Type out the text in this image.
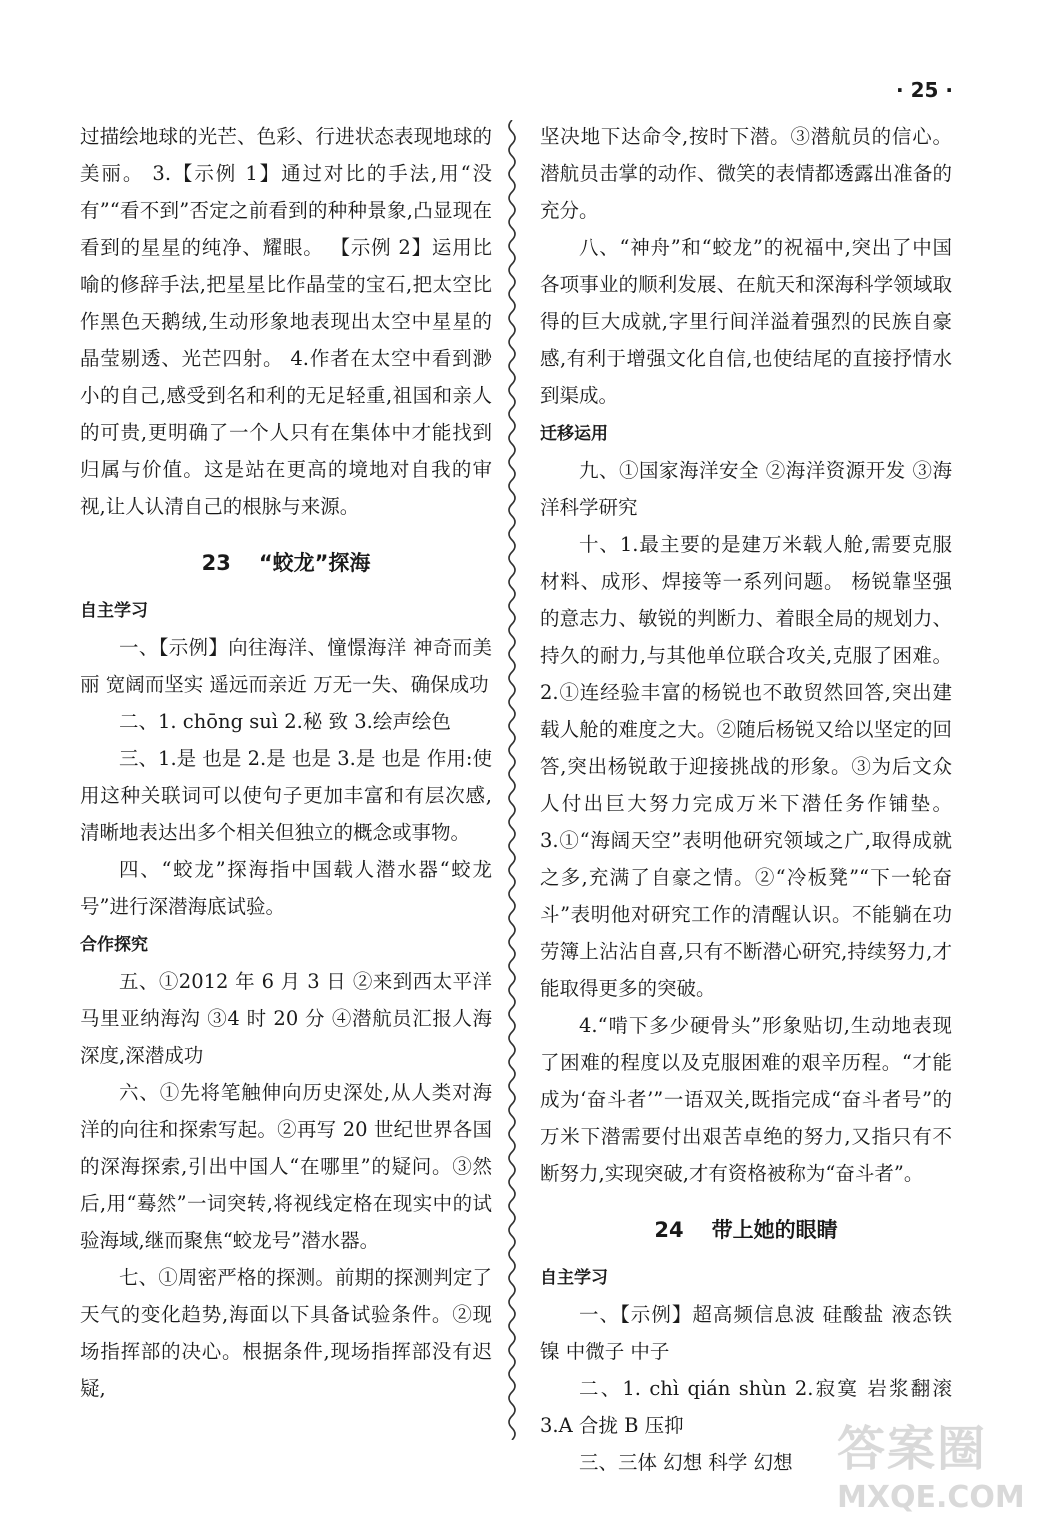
· 25 ·

过描绘地球的光芒、色彩、行进状态表现地球的美丽。 3.【示例 1】通过对比的手法,用“没有”“看不到”否定之前看到的种种景象,凸显现在看到的星星的纯净、耀眼。 【示例 2】运用比喻的修辞手法,把星星比作晶莹的宝石,把太空比作黑色天鹅绒,生动形象地表现出太空中星星的晶莹剔透、光芒四射。 4.作者在太空中看到渺小的自己,感受到名和利的无足轻重,祖国和亲人的可贵,更明确了一个人只有在集体中才能找到归属与价值。这是站在更高的境地对自我的审视,让人认清自己的根脉与来源。

23 “蛟龙”探海
自主学习

一、【示例】向往海洋、憧憬海洋 神奇而美丽 宽阔而坚实 遥远而亲近 万无一失、确保成功

二、1. chōng suì 2.秘 致 3.绘声绘色

三、1.是 也是 2.是 也是 3.是 也是 作用:使用这种关联词可以使句子更加丰富和有层次感,清晰地表达出多个相关但独立的概念或事物。

四、“蛟龙”探海指中国载人潜水器“蛟龙号”进行深潜海底试验。

合作探究

五、①2012 年 6 月 3 日 ②来到西太平洋马里亚纳海沟 ③4 时 20 分 ④潜航员汇报人海深度,深潜成功

六、①先将笔触伸向历史深处,从人类对海洋的向往和探索写起。②再写 20 世纪世界各国的深海探索,引出中国人“在哪里”的疑问。③然后,用“蓦然”一词突转,将视线定格在现实中的试验海域,继而聚焦“蛟龙号”潜水器。

七、①周密严格的探测。前期的探测判定了天气的变化趋势,海面以下具备试验条件。②现场指挥部的决心。根据条件,现场指挥部没有迟疑,

坚决地下达命令,按时下潜。③潜航员的信心。潜航员击掌的动作、微笑的表情都透露出准备的充分。

八、“神舟”和“蛟龙”的祝福中,突出了中国各项事业的顺利发展、在航天和深海科学领域取得的巨大成就,字里行间洋溢着强烈的民族自豪感,有利于增强文化自信,也使结尾的直接抒情水到渠成。

迁移运用

九、①国家海洋安全 ②海洋资源开发 ③海洋科学研究

十、1.最主要的是建万米载人舱,需要克服材料、成形、焊接等一系列问题。 杨锐靠坚强的意志力、敏锐的判断力、着眼全局的规划力、持久的耐力,与其他单位联合攻关,克服了困难。 2.①连经验丰富的杨锐也不敢贸然回答,突出建载人舱的难度之大。②随后杨锐又给以坚定的回答,突出杨锐敢于迎接挑战的形象。③为后文众人付出巨大努力完成万米下潜任务作铺垫。 3.①“海阔天空”表明他研究领域之广,取得成就之多,充满了自豪之情。②“冷板凳”“下一轮奋斗”表明他对研究工作的清醒认识。不能躺在功劳簿上沾沾自喜,只有不断潜心研究,持续努力,才能取得更多的突破。

4.“啃下多少硬骨头”形象贴切,生动地表现了困难的程度以及克服困难的艰辛历程。“才能成为‘奋斗者’”一语双关,既指完成“奋斗者号”的万米下潜需要付出艰苦卓绝的努力,又指只有不断努力,实现突破,才有资格被称为“奋斗者”。

24 带上她的眼睛
自主学习

一、【示例】超高频信息波 硅酸盐 液态铁镍 中微子 中子

二、1. chì qián shùn 2.寂寞 岩浆翻滚 3.A 合拢 B 压抑

三、三体 幻想 科学 幻想 答案圈
MXQE.COM
